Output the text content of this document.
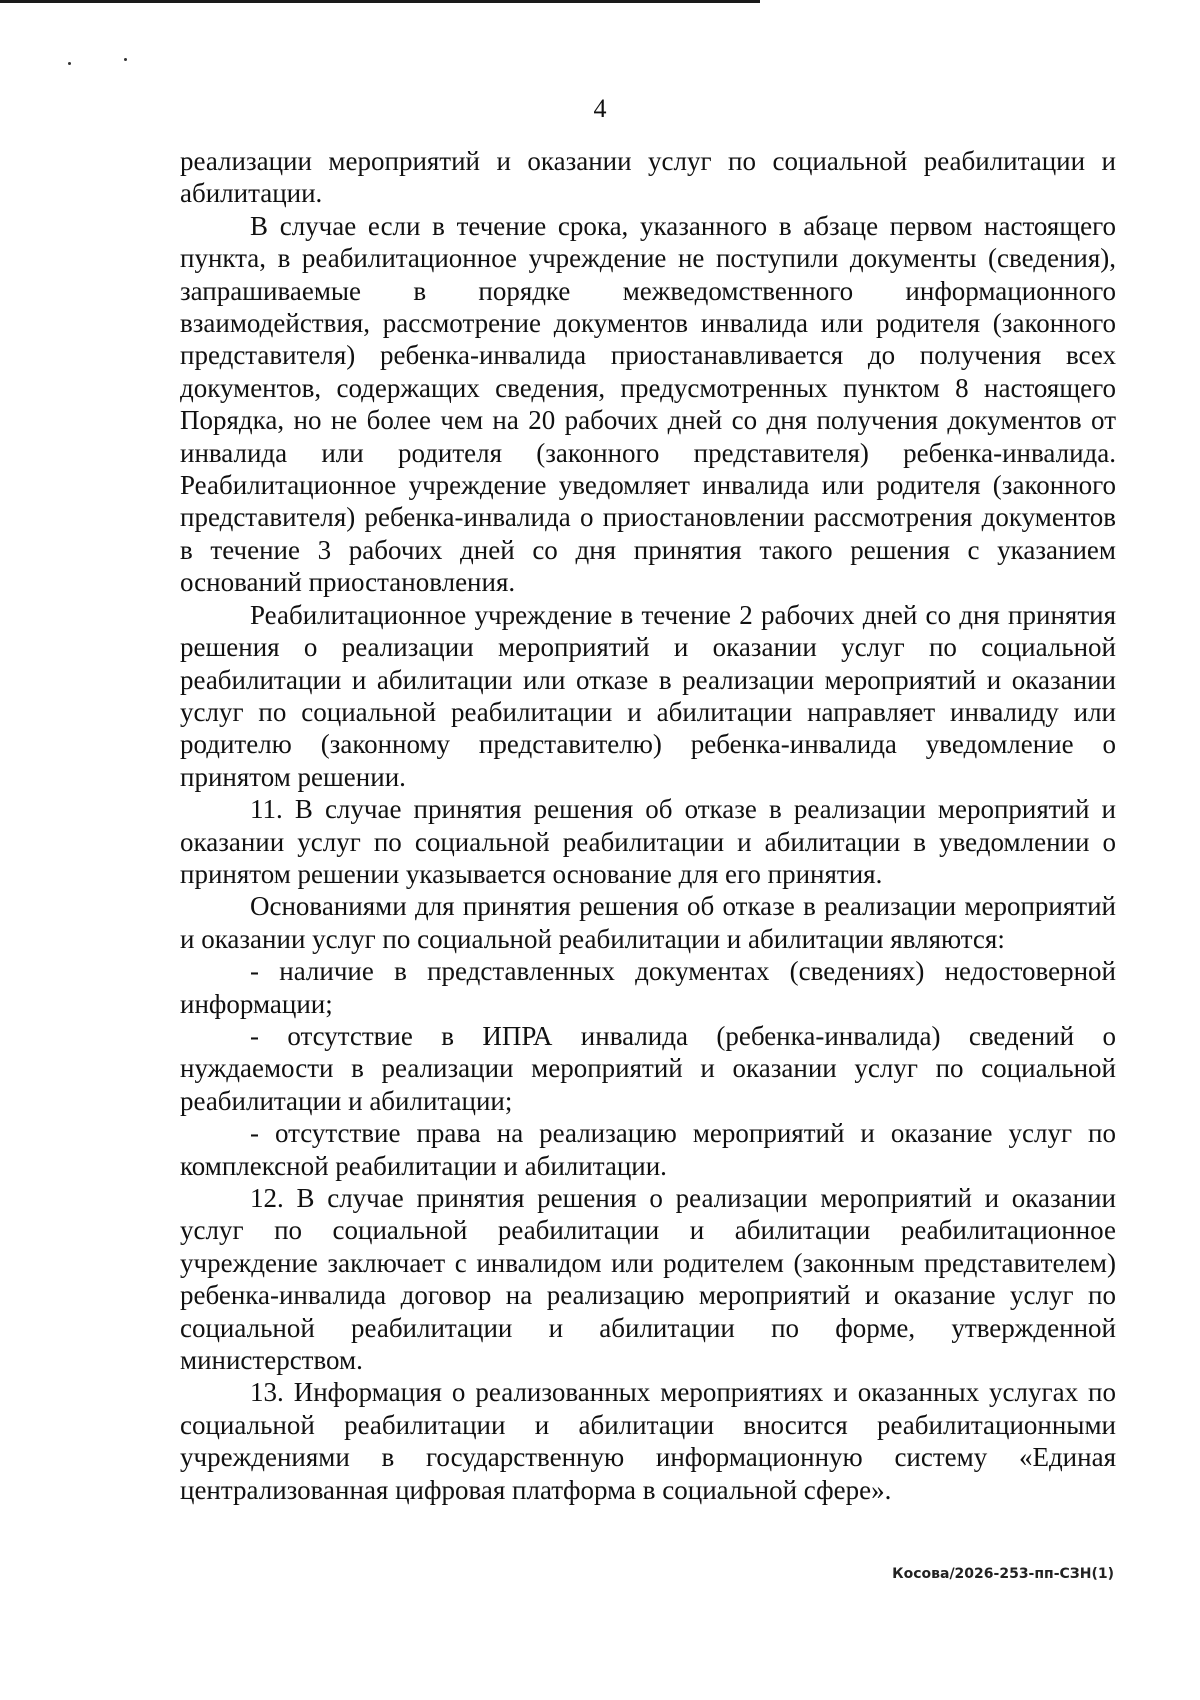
4

реализации мероприятий и оказании услуг по социальной реабилитации и абилитации.

В случае если в течение срока, указанного в абзаце первом настоящего пункта, в реабилитационное учреждение не поступили документы (сведения), запрашиваемые в порядке межведомственного информационного взаимодействия, рассмотрение документов инвалида или родителя (законного представителя) ребенка-инвалида приостанавливается до получения всех документов, содержащих сведения, предусмотренных пунктом 8 настоящего Порядка, но не более чем на 20 рабочих дней со дня получения документов от инвалида или родителя (законного представителя) ребенка-инвалида. Реабилитационное учреждение уведомляет инвалида или родителя (законного представителя) ребенка-инвалида о приостановлении рассмотрения документов в течение 3 рабочих дней со дня принятия такого решения с указанием оснований приостановления.

Реабилитационное учреждение в течение 2 рабочих дней со дня принятия решения о реализации мероприятий и оказании услуг по социальной реабилитации и абилитации или отказе в реализации мероприятий и оказании услуг по социальной реабилитации и абилитации направляет инвалиду или родителю (законному представителю) ребенка-инвалида уведомление о принятом решении.

11. В случае принятия решения об отказе в реализации мероприятий и оказании услуг по социальной реабилитации и абилитации в уведомлении о принятом решении указывается основание для его принятия.

Основаниями для принятия решения об отказе в реализации мероприятий и оказании услуг по социальной реабилитации и абилитации являются:

- наличие в представленных документах (сведениях) недостоверной информации;

- отсутствие в ИПРА инвалида (ребенка-инвалида) сведений о нуждаемости в реализации мероприятий и оказании услуг по социальной реабилитации и абилитации;

- отсутствие права на реализацию мероприятий и оказание услуг по комплексной реабилитации и абилитации.

12. В случае принятия решения о реализации мероприятий и оказании услуг по социальной реабилитации и абилитации реабилитационное учреждение заключает с инвалидом или родителем (законным представителем) ребенка-инвалида договор на реализацию мероприятий и оказание услуг по социальной реабилитации и абилитации по форме, утвержденной министерством.

13. Информация о реализованных мероприятиях и оказанных услугах по социальной реабилитации и абилитации вносится реабилитационными учреждениями в государственную информационную систему «Единая централизованная цифровая платформа в социальной сфере».

Косова/2026-253-пп-СЗН(1)
